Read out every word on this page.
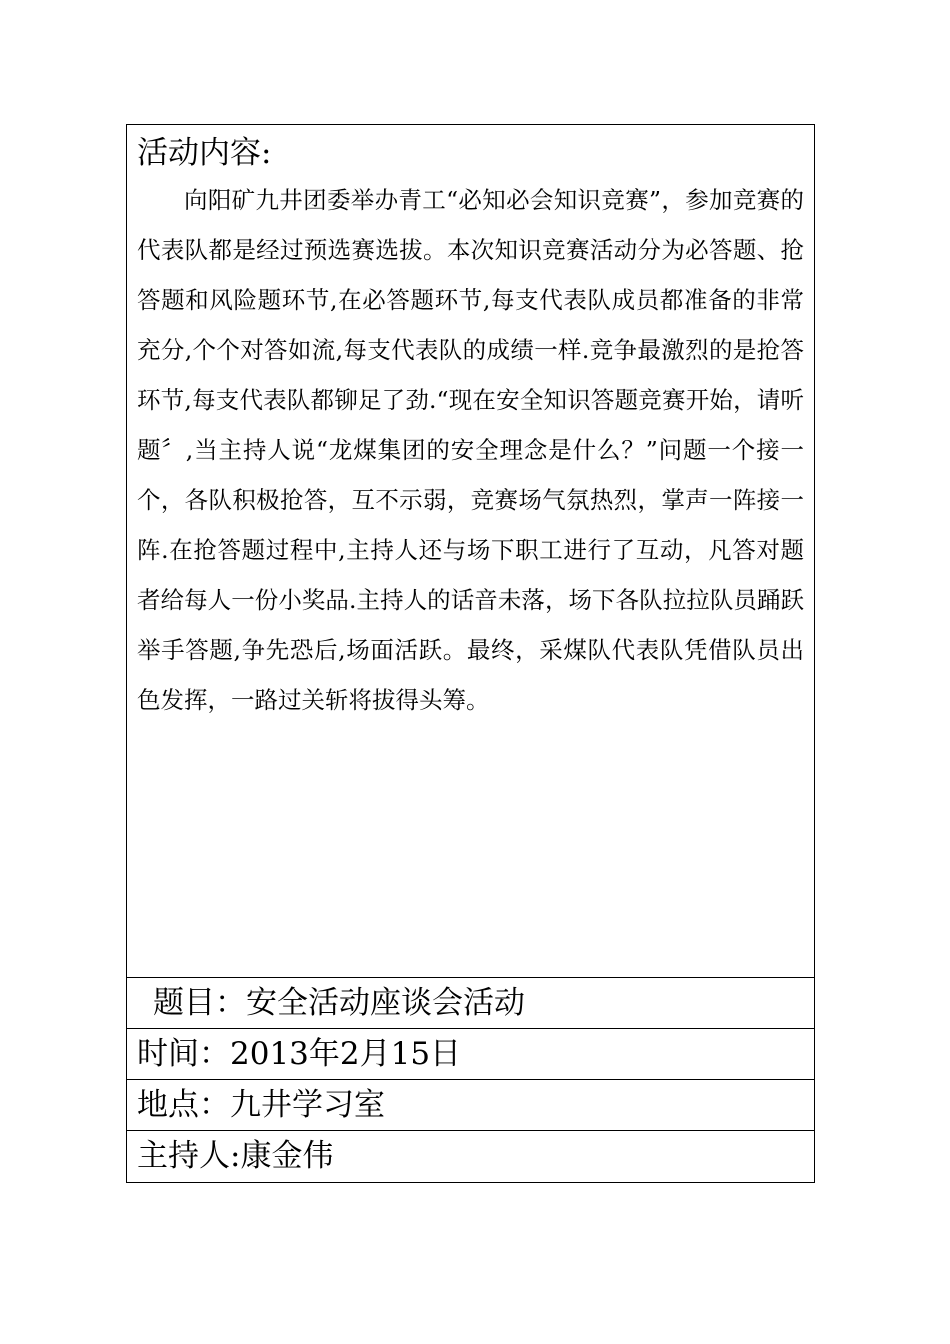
活动内容:

向阳矿九井团委举办青工“必知必会知识竞赛”，参加竞赛的代表队都是经过预选赛选拔。本次知识竞赛活动分为必答题、抢答题和风险题环节,在必答题环节,每支代表队成员都准备的非常充分,个个对答如流,每支代表队的成绩一样.竞争最激烈的是抢答环节,每支代表队都铆足了劲.“现在安全知识答题竞赛开始，请听题〞,当主持人说“龙煤集团的安全理念是什么？”问题一个接一个，各队积极抢答，互不示弱，竞赛场气氛热烈，掌声一阵接一阵.在抢答题过程中,主持人还与场下职工进行了互动，凡答对题者给每人一份小奖品.主持人的话音未落，场下各队拉拉队员踊跃举手答题,争先恐后,场面活跃。最终，采煤队代表队凭借队员出色发挥，一路过关斩将拔得头筹。

题目：安全活动座谈会活动
时间：2013年2月15日
地点：九井学习室
主持人:康金伟
